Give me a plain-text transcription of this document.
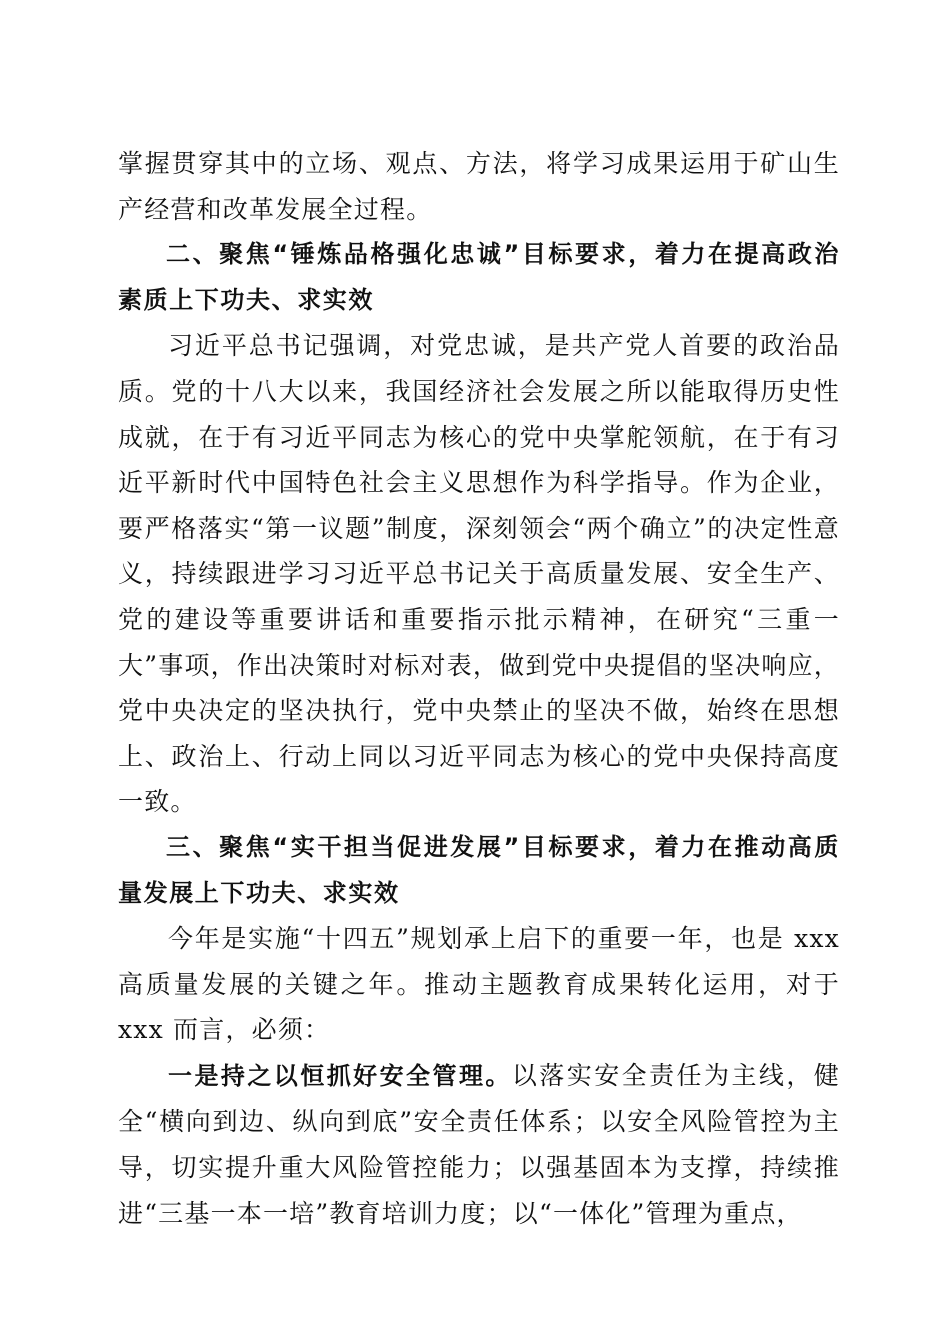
掌握贯穿其中的立场、观点、方法，将学习成果运用于矿山生产经营和改革发展全过程。

二、聚焦“锤炼品格强化忠诚”目标要求，着力在提高政治素质上下功夫、求实效

习近平总书记强调，对党忠诚，是共产党人首要的政治品质。党的十八大以来，我国经济社会发展之所以能取得历史性成就，在于有习近平同志为核心的党中央掌舵领航，在于有习近平新时代中国特色社会主义思想作为科学指导。作为企业，要严格落实“第一议题”制度，深刻领会“两个确立”的决定性意义，持续跟进学习习近平总书记关于高质量发展、安全生产、党的建设等重要讲话和重要指示批示精神，在研究“三重一大”事项，作出决策时对标对表，做到党中央提倡的坚决响应，党中央决定的坚决执行，党中央禁止的坚决不做，始终在思想上、政治上、行动上同以习近平同志为核心的党中央保持高度一致。

三、聚焦“实干担当促进发展”目标要求，着力在推动高质量发展上下功夫、求实效

今年是实施“十四五”规划承上启下的重要一年，也是 xxx 高质量发展的关键之年。推动主题教育成果转化运用，对于 xxx 而言，必须：

一是持之以恒抓好安全管理。以落实安全责任为主线，健全“横向到边、纵向到底”安全责任体系；以安全风险管控为主导，切实提升重大风险管控能力；以强基固本为支撑，持续推进“三基一本一培”教育培训力度；以“一体化”管理为重点，
